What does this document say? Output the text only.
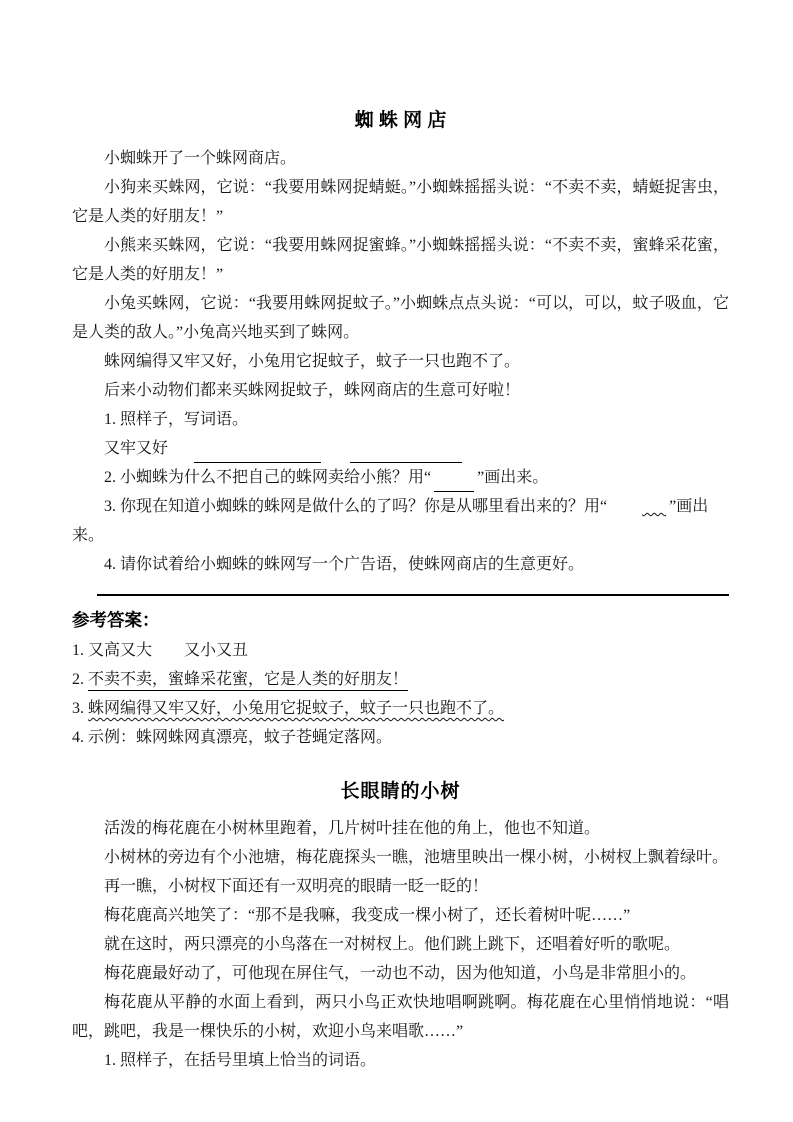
蜘 蛛 网 店

小蜘蛛开了一个蛛网商店。

小狗来买蛛网，它说：“我要用蛛网捉蜻蜓。”小蜘蛛摇摇头说：“不卖不卖，蜻蜓捉害虫，它是人类的好朋友！”

小熊来买蛛网，它说：“我要用蛛网捉蜜蜂。”小蜘蛛摇摇头说：“不卖不卖，蜜蜂采花蜜，它是人类的好朋友！”

小兔买蛛网，它说：“我要用蛛网捉蚊子。”小蜘蛛点点头说：“可以，可以，蚊子吸血，它是人类的敌人。”小兔高兴地买到了蛛网。

蛛网编得又牢又好，小兔用它捉蚊子，蚊子一只也跑不了。

后来小动物们都来买蛛网捉蚊子，蛛网商店的生意可好啦！

1. 照样子，写词语。
又牢又好
2. 小蜘蛛为什么不把自己的蛛网卖给小熊？用“	”画出来。
3. 你现在知道小蜘蛛的蛛网是做什么的了吗？你是从哪里看出来的？用“	”画出来。
4. 请你试着给小蜘蛛的蛛网写一个广告语，使蛛网商店的生意更好。
参考答案：
1. 又高又大　　又小又丑
2. 不卖不卖，蜜蜂采花蜜，它是人类的好朋友！
3. 蛛网编得又牢又好，小兔用它捉蚊子，蚊子一只也跑不了。
4. 示例：蛛网蛛网真漂亮，蚊子苍蝇定落网。
长眼睛的小树

活泼的梅花鹿在小树林里跑着，几片树叶挂在他的角上，他也不知道。

小树林的旁边有个小池塘，梅花鹿探头一瞧，池塘里映出一棵小树，小树杈上飘着绿叶。

再一瞧，小树杈下面还有一双明亮的眼睛一眨一眨的！

梅花鹿高兴地笑了：“那不是我嘛，我变成一棵小树了，还长着树叶呢……”

就在这时，两只漂亮的小鸟落在一对树杈上。他们跳上跳下，还唱着好听的歌呢。

梅花鹿最好动了，可他现在屏住气，一动也不动，因为他知道，小鸟是非常胆小的。

梅花鹿从平静的水面上看到，两只小鸟正欢快地唱啊跳啊。梅花鹿在心里悄悄地说：“唱吧，跳吧，我是一棵快乐的小树，欢迎小鸟来唱歌……”

1. 照样子，在括号里填上恰当的词语。
